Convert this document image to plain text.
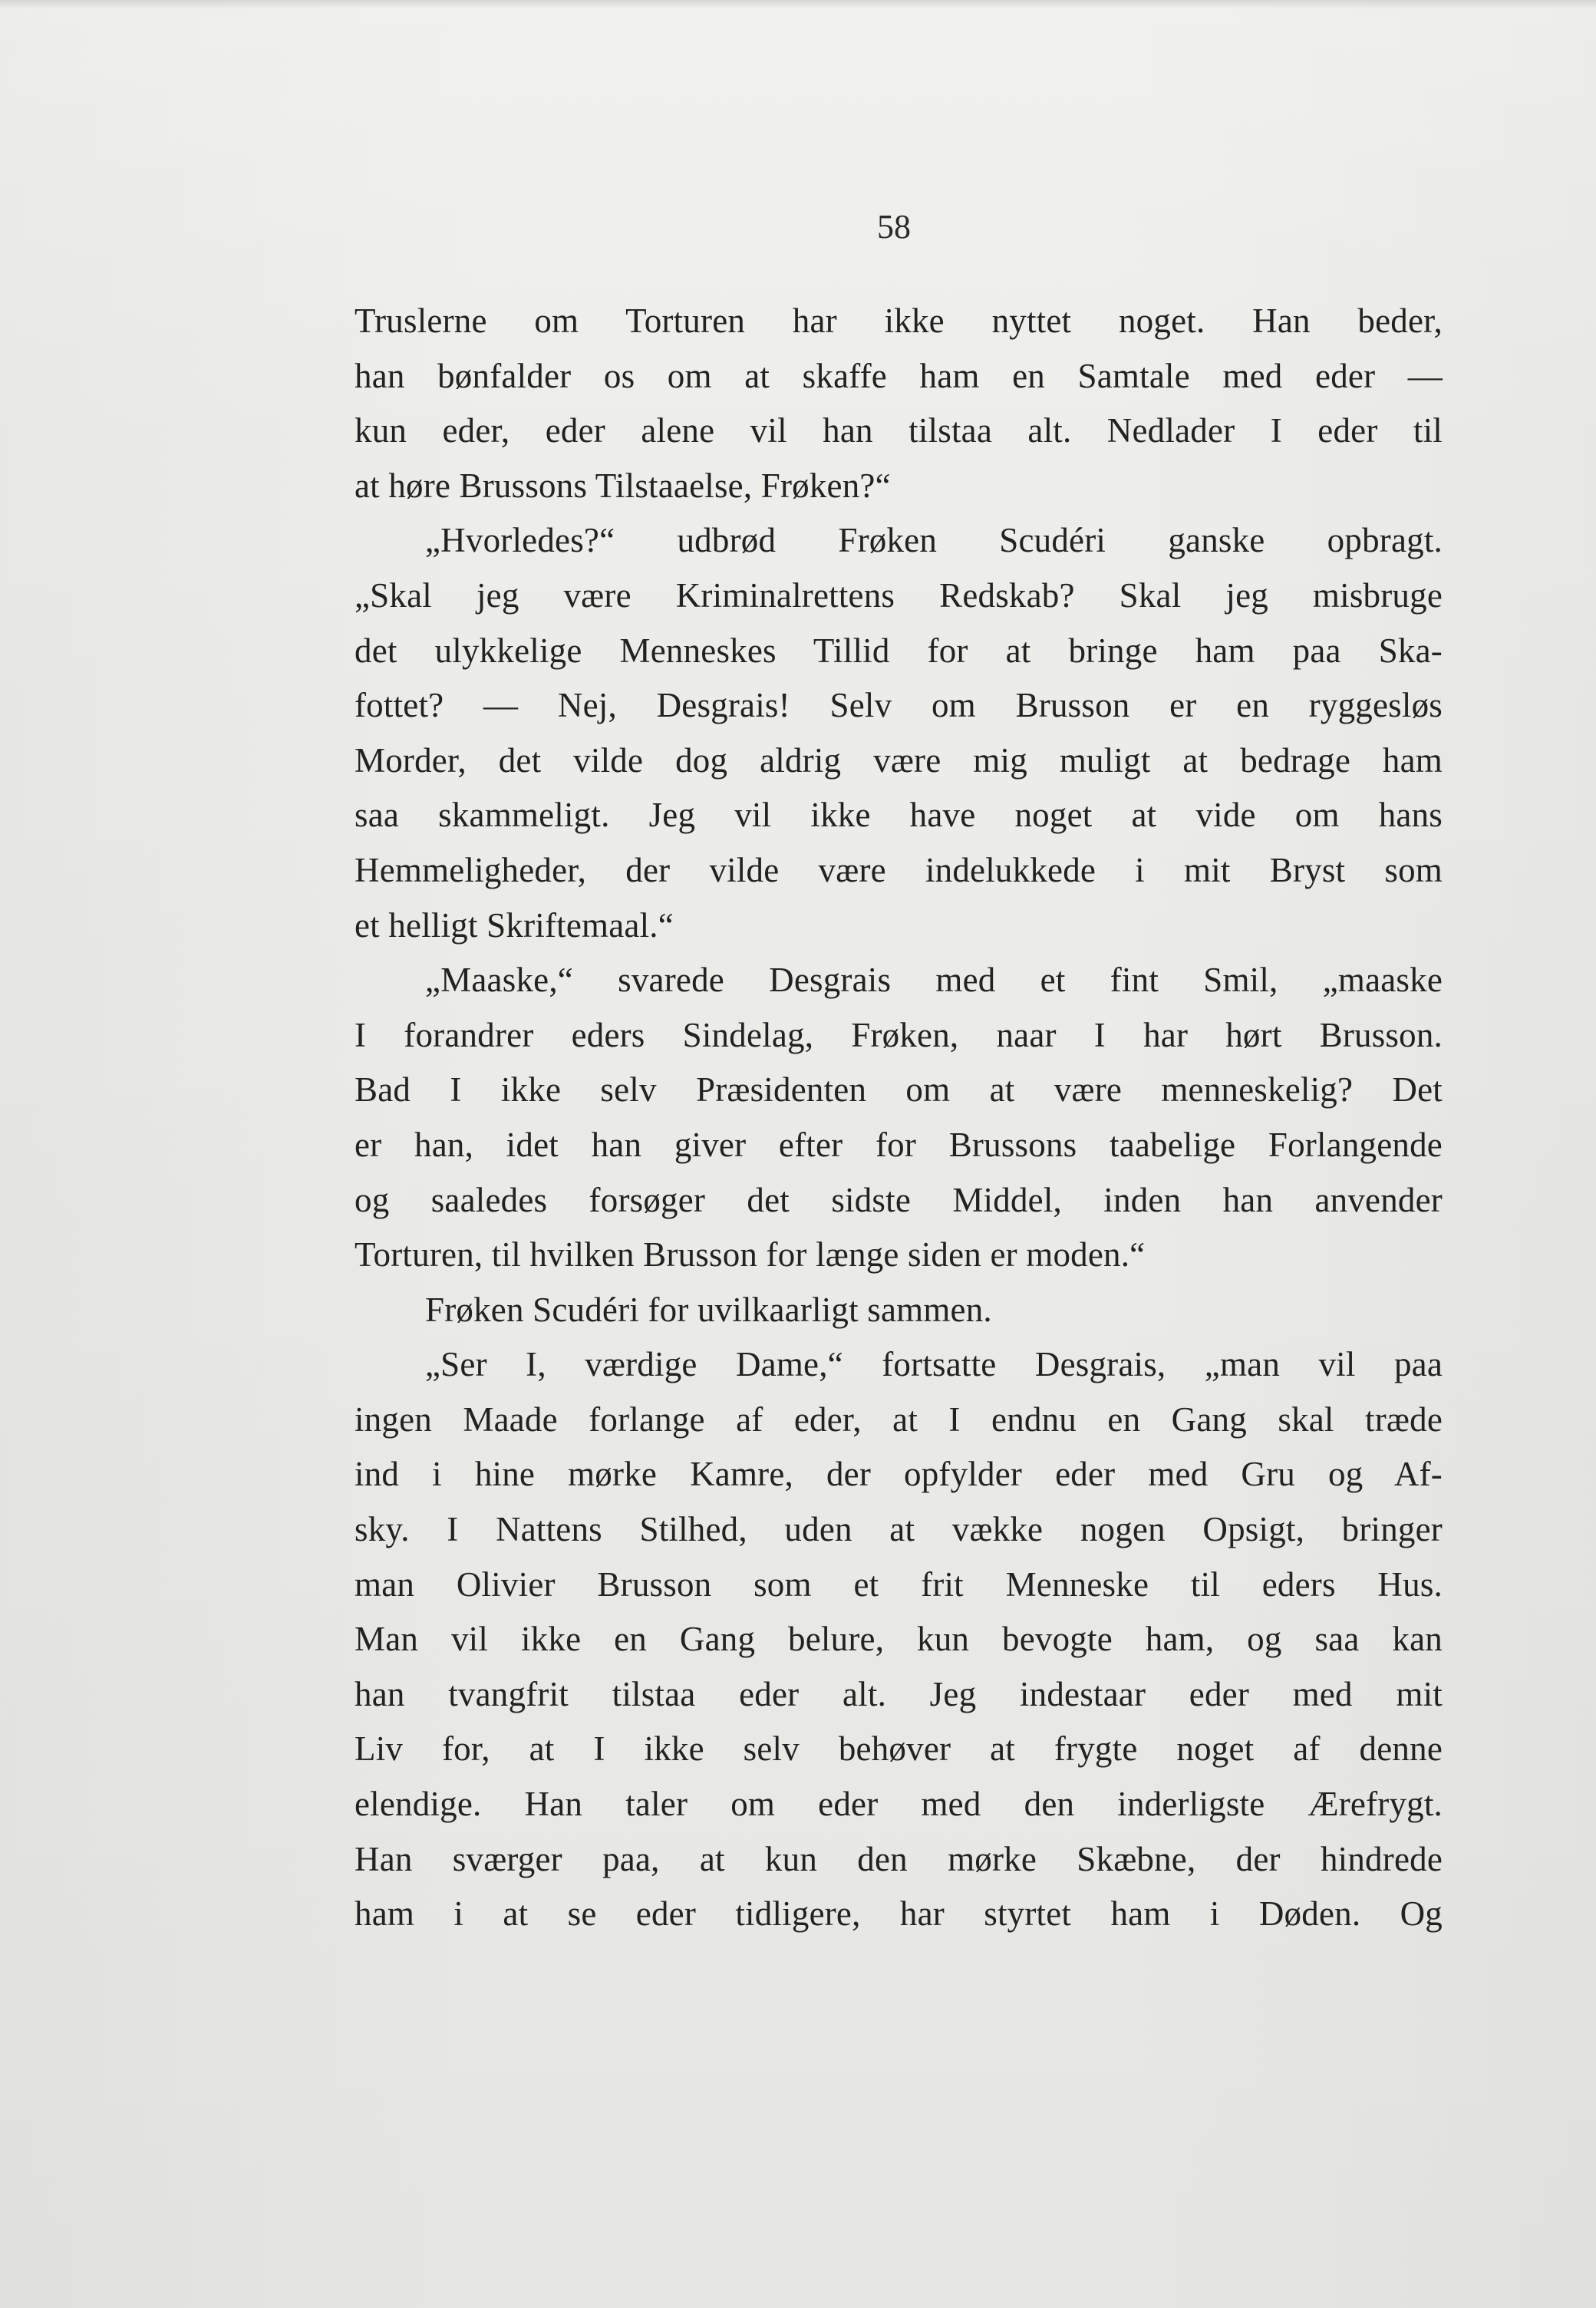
58
Truslerne om Torturen har ikke nyttet noget. Han beder,
han bønfalder os om at skaffe ham en Samtale med eder —
kun eder, eder alene vil han tilstaa alt. Nedlader I eder til
at høre Brussons Tilstaaelse, Frøken?“
„Hvorledes?“ udbrød Frøken Scudéri ganske opbragt.
„Skal jeg være Kriminalrettens Redskab? Skal jeg misbruge
det ulykkelige Menneskes Tillid for at bringe ham paa Ska-
fottet? — Nej, Desgrais! Selv om Brusson er en ryggesløs
Morder, det vilde dog aldrig være mig muligt at bedrage ham
saa skammeligt. Jeg vil ikke have noget at vide om hans
Hemmeligheder, der vilde være indelukkede i mit Bryst som
et helligt Skriftemaal.“
„Maaske,“ svarede Desgrais med et fint Smil, „maaske
I forandrer eders Sindelag, Frøken, naar I har hørt Brusson.
Bad I ikke selv Præsidenten om at være menneskelig? Det
er han, idet han giver efter for Brussons taabelige Forlangende
og saaledes forsøger det sidste Middel, inden han anvender
Torturen, til hvilken Brusson for længe siden er moden.“
Frøken Scudéri for uvilkaarligt sammen.
„Ser I, værdige Dame,“ fortsatte Desgrais, „man vil paa
ingen Maade forlange af eder, at I endnu en Gang skal træde
ind i hine mørke Kamre, der opfylder eder med Gru og Af-
sky. I Nattens Stilhed, uden at vække nogen Opsigt, bringer
man Olivier Brusson som et frit Menneske til eders Hus.
Man vil ikke en Gang belure, kun bevogte ham, og saa kan
han tvangfrit tilstaa eder alt. Jeg indestaar eder med mit
Liv for, at I ikke selv behøver at frygte noget af denne
elendige. Han taler om eder med den inderligste Ærefrygt.
Han sværger paa, at kun den mørke Skæbne, der hindrede
ham i at se eder tidligere, har styrtet ham i Døden. Og
